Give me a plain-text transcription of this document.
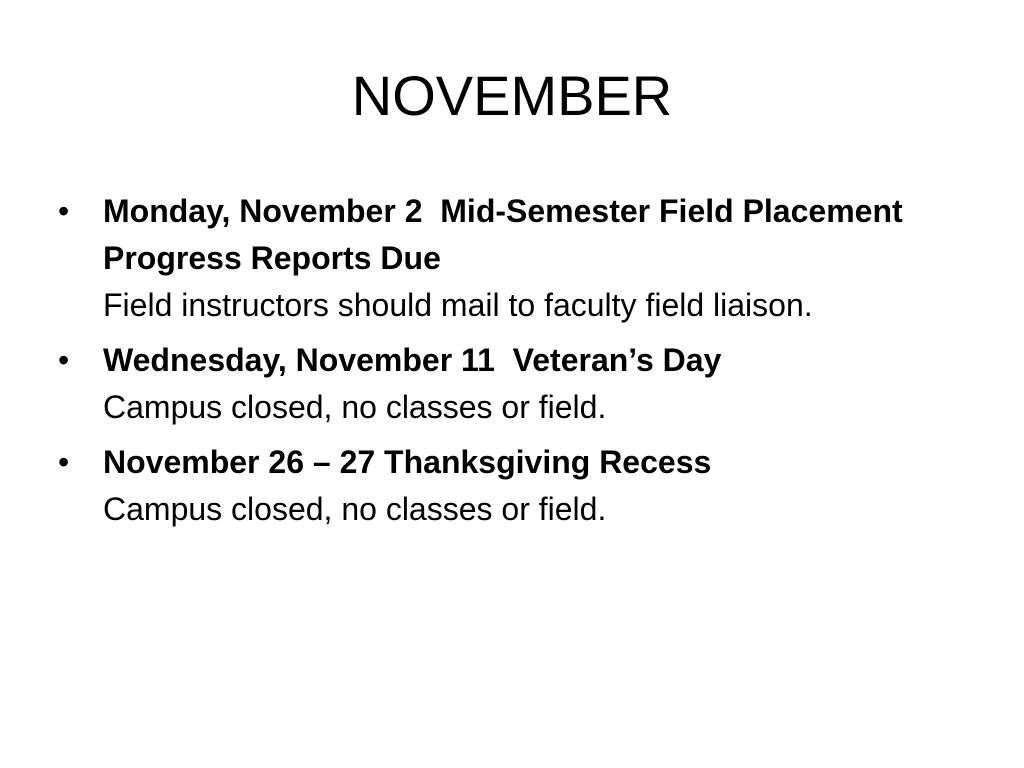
NOVEMBER
•	Monday, November 2  Mid-Semester Field Placement Progress Reports Due
Field instructors should mail to faculty field liaison.
•	Wednesday, November 11  Veteran’s Day
Campus closed, no classes or field.
•	November 26 – 27 Thanksgiving Recess
Campus closed, no classes or field.
